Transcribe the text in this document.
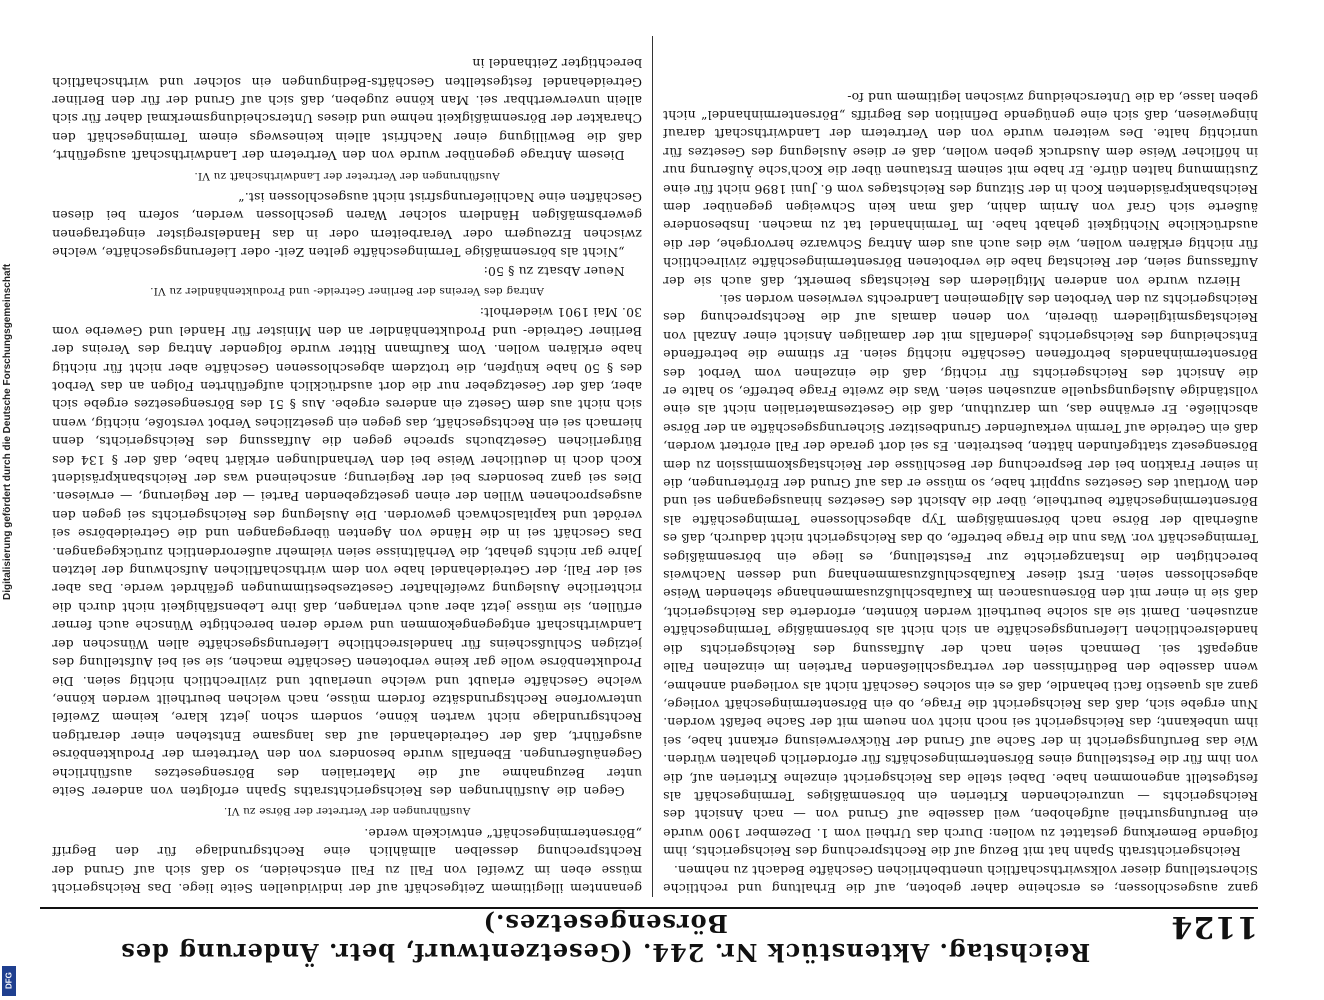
Digitalisierung gefördert durch die Deutsche Forschungsgemeinschaft
DFG
1124
Reichstag. Aktenstück Nr. 244. (Gesetzentwurf, betr. Änderung des Börsengesetzes.)

ganz ausgeschlossen; es erscheine daher geboten, auf die Erhaltung und rechtliche Sicherstellung dieser volkswirthschaftlich unentbehrlichen Geschäfte Bedacht zu nehmen.

Reichsgerichtsrath Spahn hat mit Bezug auf die Rechtsprechung des Reichsgerichts, ihm folgende Bemerkung gestattet zu wollen: Durch das Urtheil vom 1. Dezember 1900 wurde ein Berufungsurtheil aufgehoben, weil dasselbe auf Grund von — nach Ansicht des Reichsgerichts — unzureichenden Kriterien ein börsenmäßiges Termingeschäft als festgestellt angenommen habe. Dabei stelle das Reichsgericht einzelne Kriterien auf, die von ihm für die Feststellung eines Börsentermingeschäfts für erforderlich gehalten würden. Wie das Berufungsgericht in der Sache auf Grund der Rückverweisung erkannt habe, sei ihm unbekannt; das Reichsgericht sei noch nicht von neuem mit der Sache befaßt worden. Nun ergebe sich, daß das Reichsgericht die Frage, ob ein Börsentermingeschäft vorliege, ganz als quaestio facti behandle, daß es ein solches Geschäft nicht als vorliegend annehme, wenn dasselbe den Bedürfnissen der vertragschließenden Parteien im einzelnen Falle angepaßt sei. Demnach seien nach der Auffassung des Reichsgerichts die handelsrechtlichen Lieferungsgeschäfte an sich nicht als börsenmäßige Termingeschäfte anzusehen. Damit sie als solche beurtheilt werden könnten, erforderte das Reichsgericht, daß sie in einer mit den Börsenusancen im Kaufabschlußzusammenhange stehenden Weise abgeschlossen seien. Erst dieser Kaufabschlußzusammenhang und dessen Nachweis berechtigten die Instanzgerichte zur Feststellung, es liege ein börsenmäßiges Termingeschäft vor. Was nun die Frage betreffe, ob das Reichsgericht nicht dadurch, daß es außerhalb der Börse nach börsenmäßigem Typ abgeschlossene Termingeschäfte als Börsentermingeschäfte beurtheile, über die Absicht des Gesetzes hinausgegangen sei und den Wortlaut des Gesetzes supplirt habe, so müsse er das auf Grund der Erörterungen, die in seiner Fraktion bei der Besprechung der Beschlüsse der Reichstagskommission zu dem Börsengesetz stattgefunden hätten, bestreiten. Es sei dort gerade der Fall erörtert worden, daß ein Getreide auf Termin verkaufender Grundbesitzer Sicherungsgeschäfte an der Börse abschließe. Er erwähne das, um darzuthun, daß die Gesetzesmaterialien nicht als eine vollständige Auslegungsquelle anzusehen seien. Was die zweite Frage betreffe, so halte er die Ansicht des Reichsgerichts für richtig, daß die einzelnen vom Verbot des Börsenterminhandels betroffenen Geschäfte nichtig seien. Er stimme die betreffende Entscheidung des Reichsgerichts jedenfalls mit der damaligen Ansicht einer Anzahl von Reichstagsmitgliedern überein, von denen damals auf die Rechtsprechung des Reichsgerichts zu den Verboten des Allgemeinen Landrechts verwiesen worden sei.

Hierzu wurde von anderen Mitgliedern des Reichstags bemerkt, daß auch sie der Auffassung seien, der Reichstag habe die verbotenen Börsentermingeschäfte zivilrechtlich für nichtig erklären wollen, wie dies auch aus dem Antrag Schwarze hervorgehe, der die ausdrückliche Nichtigkeit gehabt habe. Im Terminhandel tat zu machen. Insbesondere äußerte sich Graf von Arnim dahin, daß man kein Schweigen gegenüber dem Reichsbankpräsidenten Koch in der Sitzung des Reichstages vom 6. Juni 1896 nicht für eine Zustimmung halten dürfe. Er habe mit seinem Erstaunen über die Koch'sche Äußerung nur in höflicher Weise dem Ausdruck geben wollen, daß er diese Auslegung des Gesetzes für unrichtig halte. Des weiteren wurde von den Vertretern der Landwirthschaft darauf hingewiesen, daß sich eine genügende Definition des Begriffs „Börsenterminhandel“ nicht geben lasse, da die Unterscheidung zwischen legitimem und fo-

genanntem illegitimem Zeitgeschäft auf der individuellen Seite liege. Das Reichsgericht müsse eben im Zweifel von Fall zu Fall entscheiden, so daß sich auf Grund der Rechtsprechung desselben allmählich eine Rechtsgrundlage für den Begriff „Börsentermingeschäft“ entwickeln werde.

Ausführungen der Vertreter der Börse zu VI.

Gegen die Ausführungen des Reichsgerichtsraths Spahn erfolgten von anderer Seite unter Bezugnahme auf die Materialien des Börsengesetzes ausführliche Gegenäußerungen. Ebenfalls wurde besonders von den Vertretern der Produktenbörse ausgeführt, daß der Getreidehandel auf das langsame Entstehen einer derartigen Rechtsgrundlage nicht warten könne, sondern schon jetzt klare, keinem Zweifel unterworfene Rechtsgrundsätze fordern müsse, nach welchen beurtheilt werden könne, welche Geschäfte erlaubt und welche unerlaubt und zivilrechtlich nichtig seien. Die Produktenbörse wolle gar keine verbotenen Geschäfte machen, sie sei bei Aufstellung des jetzigen Schlußscheins für handelsrechtliche Lieferungsgeschäfte allen Wünschen der Landwirthschaft entgegengekommen und werde deren berechtigte Wünsche auch ferner erfüllen, sie müsse jetzt aber auch verlangen, daß ihre Lebensfähigkeit nicht durch die richterliche Auslegung zweifelhafter Gesetzesbestimmungen gefährdet werde. Das aber sei der Fall; der Getreidehandel habe von dem wirthschaftlichen Aufschwung der letzten Jahre gar nichts gehabt, die Verhältnisse seien vielmehr außerordentlich zurückgegangen. Das Geschäft sei in die Hände von Agenten übergegangen und die Getreidebörse sei verödet und kapitalschwach geworden. Die Auslegung des Reichsgerichts sei gegen den ausgesprochenen Willen der einen gesetzgebenden Partei — der Regierung, — erwiesen. Dies sei ganz besonders bei der Regierung; anscheinend was der Reichsbankpräsident Koch doch in deutlicher Weise bei den Verhandlungen erklärt habe, daß der § 134 des Bürgerlichen Gesetzbuchs spreche gegen die Auffassung des Reichsgerichts, denn hiernach sei ein Rechtsgeschäft, das gegen ein gesetzliches Verbot verstoße, nichtig, wenn sich nicht aus dem Gesetz ein anderes ergebe. Aus § 51 des Börsengesetzes ergebe sich aber, daß der Gesetzgeber nur die dort ausdrücklich aufgeführten Folgen an das Verbot des § 50 habe knüpfen, die trotzdem abgeschlossenen Geschäfte aber nicht für nichtig habe erklären wollen. Vom Kaufmann Ritter wurde folgender Antrag des Vereins der Berliner Getreide- und Produktenhändler an den Minister für Handel und Gewerbe vom 30. Mai 1901 wiederholt:

Antrag des Vereins der Berliner Getreide- und Produktenhändler zu VI.

Neuer Absatz zu § 50:

„Nicht als börsenmäßige Termingeschäfte gelten Zeit- oder Lieferungsgeschäfte, welche zwischen Erzeugern oder Verarbeitern oder in das Handelsregister eingetragenen gewerbsmäßigen Händlern solcher Waren geschlossen werden, sofern bei diesen Geschäften eine Nachlieferungsfrist nicht ausgeschlossen ist.“

Ausführungen der Vertreter der Landwirthschaft zu VI.

Diesem Antrage gegenüber wurde von den Vertretern der Landwirthschaft ausgeführt, daß die Bewilligung einer Nachfrist allein keineswegs einem Termingeschäft den Charakter der Börsenmäßigkeit nehme und dieses Unterscheidungsmerkmal daher für sich allein unverwerthbar sei. Man könne zugeben, daß sich auf Grund der für den Berliner Getreidehandel festgestellten Geschäfts-Bedingungen ein solcher und wirthschaftlich berechtigter Zeithandel in
